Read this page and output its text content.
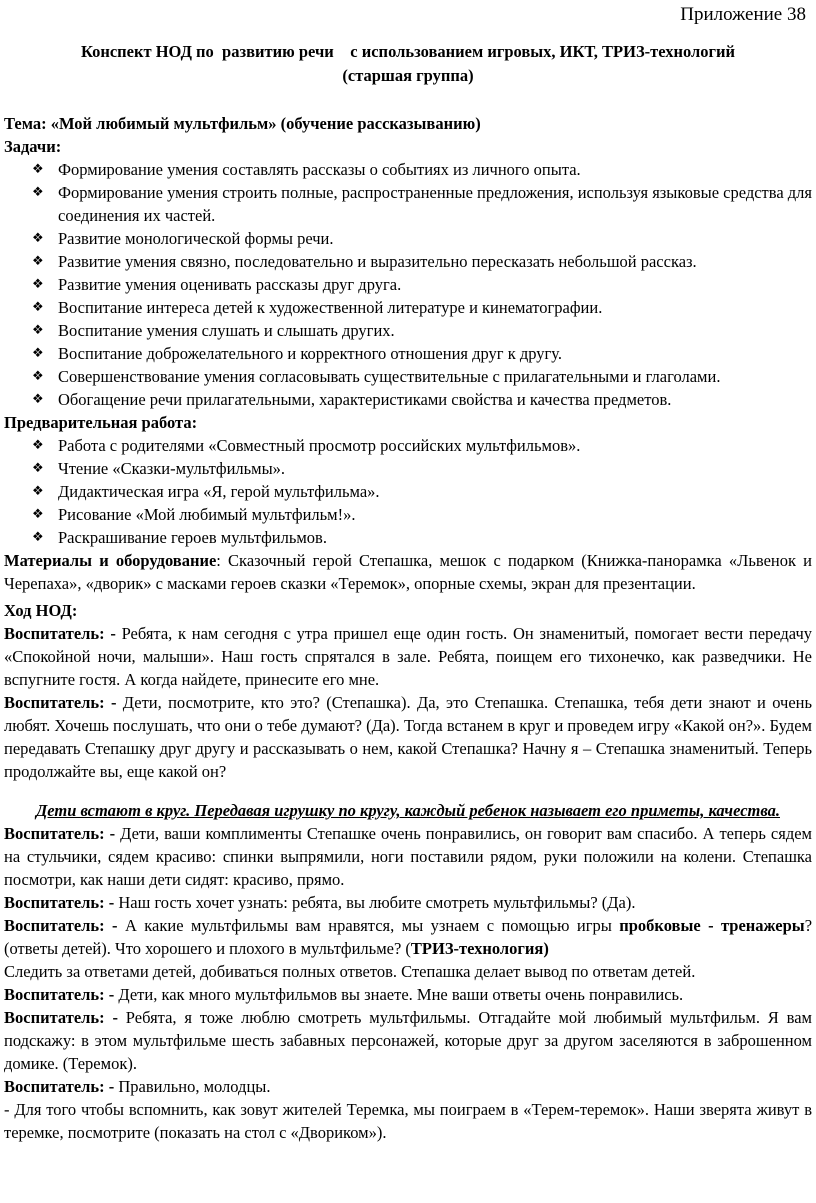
Приложение 38
Конспект НОД по  развитию речи    с использованием игровых, ИКТ, ТРИЗ-технологий
(старшая группа)

Тема: «Мой любимый мультфильм» (обучение рассказыванию)

Задачи:

❖ Формирование умения составлять рассказы о событиях из личного опыта.
❖ Формирование умения строить полные, распространенные предложения, используя языковые средства для соединения их частей.
❖ Развитие монологической формы речи.
❖ Развитие умения связно, последовательно и выразительно пересказать небольшой рассказ.
❖ Развитие умения оценивать рассказы друг друга.
❖ Воспитание интереса детей к художественной литературе и кинематографии.
❖ Воспитание умения слушать и слышать других.
❖ Воспитание доброжелательного и корректного отношения друг к другу.
❖ Совершенствование умения согласовывать существительные с прилагательными и глаголами.
❖ Обогащение речи прилагательными, характеристиками свойства и качества предметов.

Предварительная работа:

❖ Работа с родителями «Совместный просмотр российских мультфильмов».
❖ Чтение «Сказки-мультфильмы».
❖ Дидактическая игра «Я, герой мультфильма».
❖ Рисование «Мой любимый мультфильм!».
❖ Раскрашивание героев мультфильмов.

Материалы и оборудование: Сказочный герой Степашка, мешок с подарком (Книжка-панорамка «Львенок и Черепаха», «дворик» с масками героев сказки «Теремок», опорные схемы, экран для презентации.

Ход НОД:

Воспитатель: - Ребята, к нам сегодня с утра пришел еще один гость. Он знаменитый, помогает вести передачу «Спокойной ночи, малыши». Наш гость спрятался в зале. Ребята, поищем его тихонечко, как разведчики. Не вспугните гостя. А когда найдете, принесите его мне.

Воспитатель: - Дети, посмотрите, кто это? (Степашка). Да, это Степашка. Степашка, тебя дети знают и очень любят. Хочешь послушать, что они о тебе думают? (Да). Тогда встанем в круг и проведем игру «Какой он?». Будем передавать Степашку друг другу и рассказывать о нем, какой Степашка? Начну я – Степашка знаменитый. Теперь продолжайте вы, еще какой он?

Дети встают в круг. Передавая игрушку по кругу, каждый ребенок называет его приметы, качества.

Воспитатель: - Дети, ваши комплименты Степашке очень понравились, он говорит вам спасибо. А теперь сядем на стульчики, сядем красиво: спинки выпрямили, ноги поставили рядом, руки положили на колени. Степашка посмотри, как наши дети сидят: красиво, прямо.

Воспитатель: - Наш гость хочет узнать: ребята, вы любите смотреть мультфильмы? (Да).

Воспитатель: - А какие мультфильмы вам нравятся, мы узнаем с помощью игры пробковые - тренажеры? (ответы детей). Что хорошего и плохого в мультфильме? (ТРИЗ-технология)

Следить за ответами детей, добиваться полных ответов. Степашка делает вывод по ответам детей.

Воспитатель: - Дети, как много мультфильмов вы знаете. Мне ваши ответы очень понравились.

Воспитатель: - Ребята, я тоже люблю смотреть мультфильмы. Отгадайте мой любимый мультфильм. Я вам подскажу: в этом мультфильме шесть забавных персонажей, которые друг за другом заселяются в заброшенном домике. (Теремок).

Воспитатель: - Правильно, молодцы.

- Для того чтобы вспомнить, как зовут жителей Теремка, мы поиграем в «Терем-теремок». Наши зверята живут в теремке, посмотрите (показать на стол с «Двориком»).
